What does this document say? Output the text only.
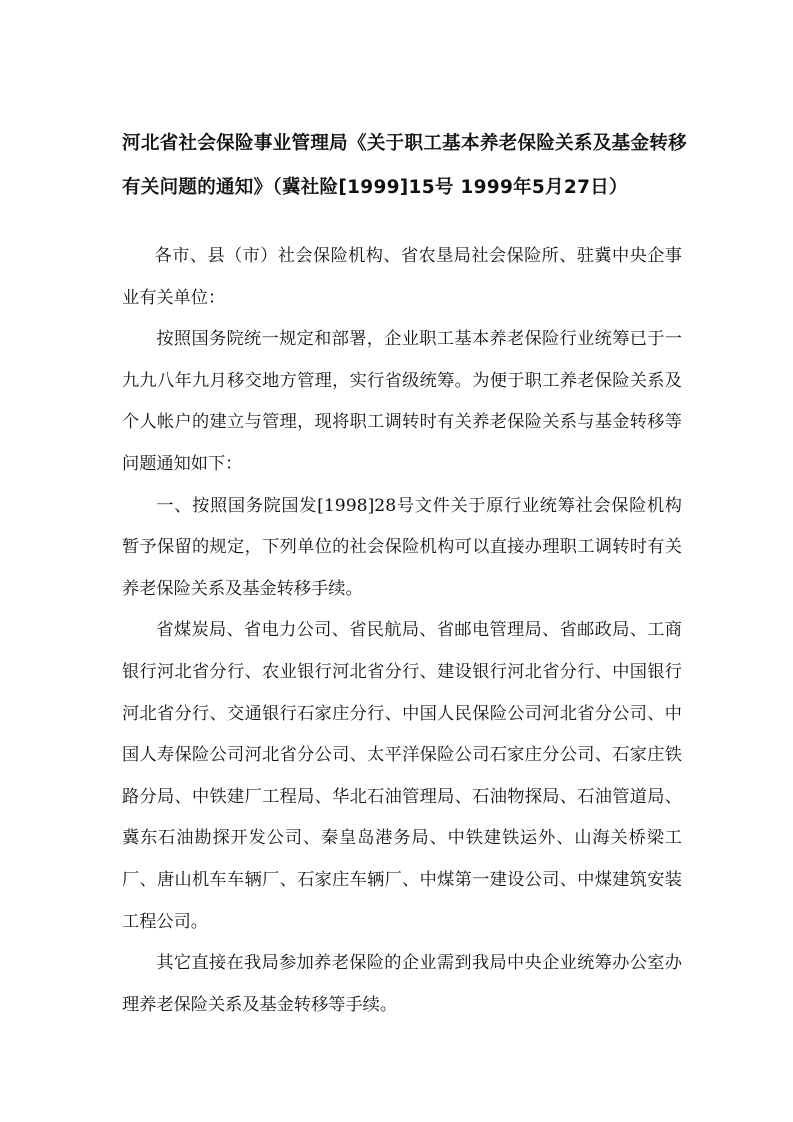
河北省社会保险事业管理局《关于职工基本养老保险关系及基金转移有关问题的通知》（冀社险[1999]15号 1999年5月27日）

各市、县（市）社会保险机构、省农垦局社会保险所、驻冀中央企事业有关单位：

按照国务院统一规定和部署，企业职工基本养老保险行业统筹已于一九九八年九月移交地方管理，实行省级统筹。为便于职工养老保险关系及个人帐户的建立与管理，现将职工调转时有关养老保险关系与基金转移等问题通知如下：

一、按照国务院国发[1998]28号文件关于原行业统筹社会保险机构暂予保留的规定，下列单位的社会保险机构可以直接办理职工调转时有关养老保险关系及基金转移手续。

省煤炭局、省电力公司、省民航局、省邮电管理局、省邮政局、工商银行河北省分行、农业银行河北省分行、建设银行河北省分行、中国银行河北省分行、交通银行石家庄分行、中国人民保险公司河北省分公司、中国人寿保险公司河北省分公司、太平洋保险公司石家庄分公司、石家庄铁路分局、中铁建厂工程局、华北石油管理局、石油物探局、石油管道局、冀东石油勘探开发公司、秦皇岛港务局、中铁建铁运外、山海关桥梁工厂、唐山机车车辆厂、石家庄车辆厂、中煤第一建设公司、中煤建筑安装工程公司。

其它直接在我局参加养老保险的企业需到我局中央企业统筹办公室办理养老保险关系及基金转移等手续。
